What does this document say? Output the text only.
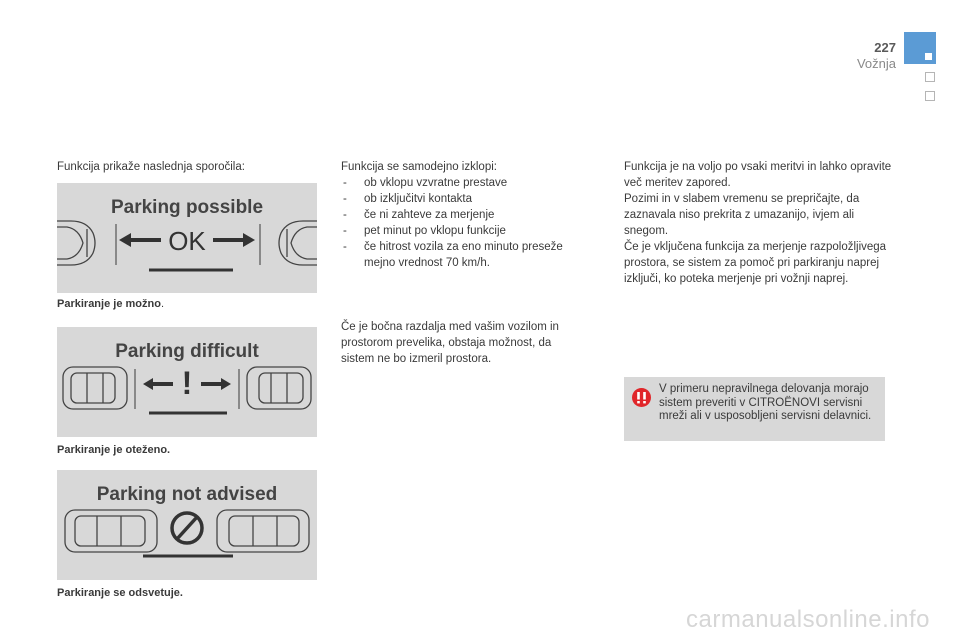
227
Vožnja
Funkcija prikaže naslednja sporočila:
Parking possible
OK
Parkiranje je možno.
Parking difficult
!
Parkiranje je oteženo.
Parking not advised
Parkiranje se odsvetuje.
Funkcija se samodejno izklopi:
- ob vklopu vzvratne prestave
- ob izključitvi kontakta
- če ni zahteve za merjenje
- pet minut po vklopu funkcije
- če hitrost vozila za eno minuto preseže mejno vrednost 70 km/h.
Če je bočna razdalja med vašim vozilom in prostorom prevelika, obstaja možnost, da sistem ne bo izmeril prostora.
Funkcija je na voljo po vsaki meritvi in lahko opravite več meritev zapored.
Pozimi in v slabem vremenu se prepričajte, da zaznavala niso prekrita z umazanijo, ivjem ali snegom.
Če je vključena funkcija za merjenje razpoložljivega prostora, se sistem za pomoč pri parkiranju naprej izključi, ko poteka merjenje pri vožnji naprej.
V primeru nepravilnega delovanja morajo sistem preveriti v CITROËNOVI servisni mreži ali v usposobljeni servisni delavnici.
carmanualsonline.info
